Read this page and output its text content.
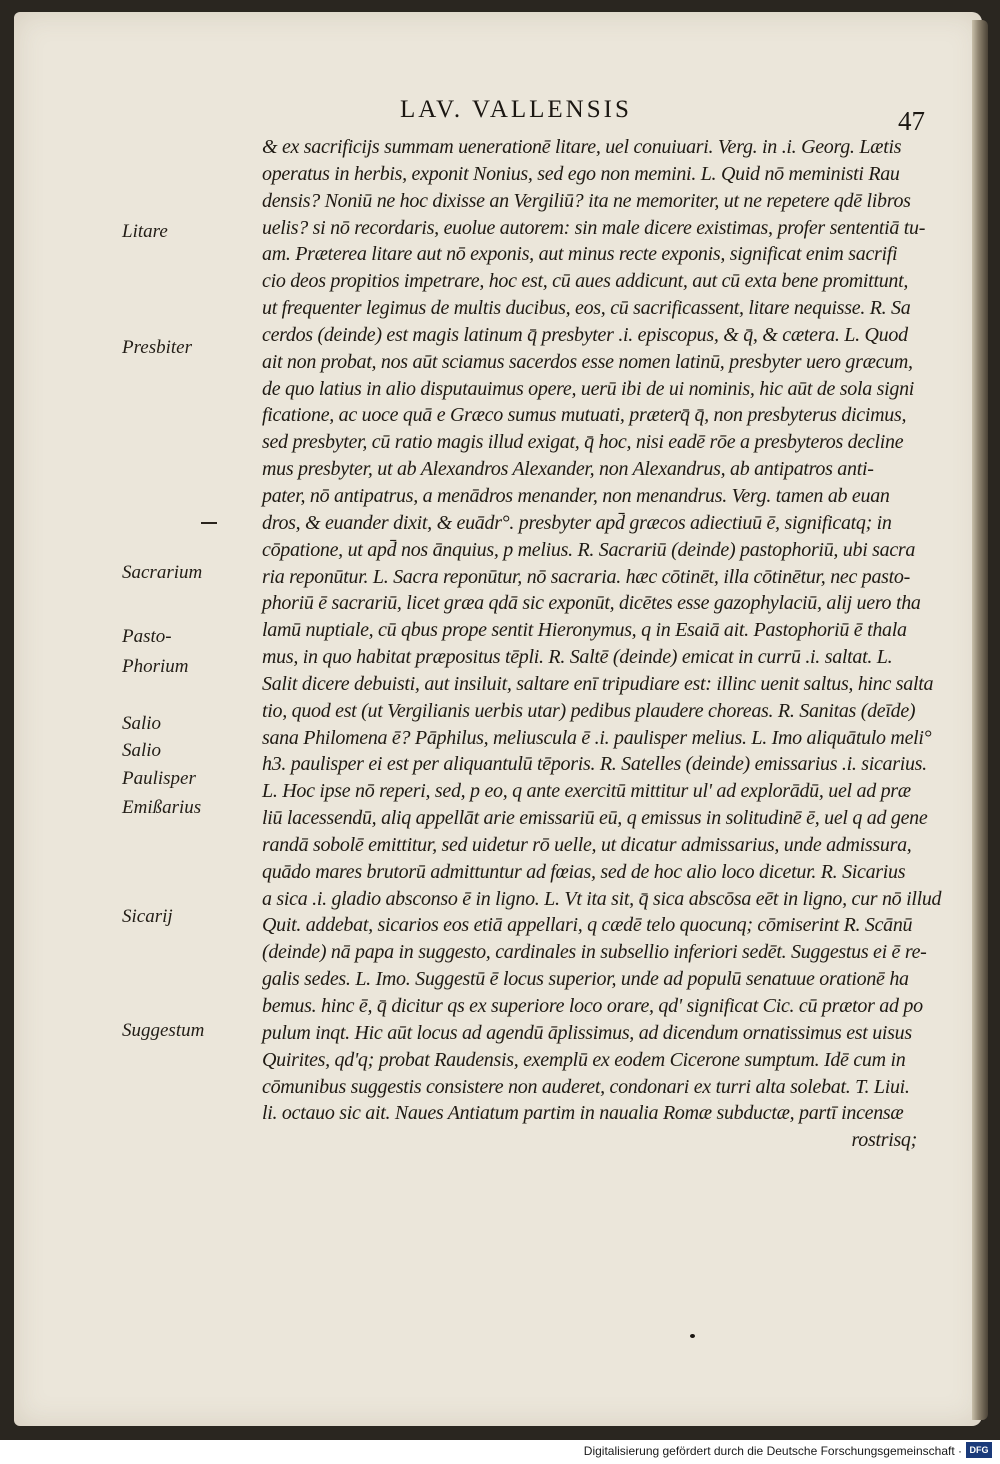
LAV. VALLENSIS	47
& ex sacrificijs summam uenerationē litare, uel conuiuari. Verg. in .i. Georg. Lætis
operatus in herbis, exponit Nonius, sed ego non memini. L. Quid nō meministi Rau
densis? Noniū ne hoc dixisse an Vergiliū? ita ne memoriter, ut ne repetere qdē libros
uelis? si nō recordaris, euolue autorem: sin male dicere existimas, profer sententiā tu-
am. Præterea litare aut nō exponis, aut minus recte exponis, significat enim sacrifi
cio deos propitios impetrare, hoc est, cū aues addicunt, aut cū exta bene promittunt,
ut frequenter legimus de multis ducibus, eos, cū sacrificassent, litare nequisse. R. Sa
cerdos (deinde) est magis latinum q̄ presbyter .i. episcopus, & q̄, & cætera. L. Quod
ait non probat, nos aūt sciamus sacerdos esse nomen latinū, presbyter uero græcum,
de quo latius in alio disputauimus opere, uerū ibi de ui nominis, hic aūt de sola signi
ficatione, ac uoce quā e Græco sumus mutuati, præterq̄ q̄, non presbyterus dicimus,
sed presbyter, cū ratio magis illud exigat, q̄ hoc, nisi eadē rōe a presbyteros decline
mus presbyter, ut ab Alexandros Alexander, non Alexandrus, ab antipatros anti-
pater, nō antipatrus, a menādros menander, non menandrus. Verg. tamen ab euan
dros, & euander dixit, & euādr°. presbyter apd̄ græcos adiectiuū ē, significatq; in
cōpatione, ut apd̄ nos ānquius, p melius. R. Sacrariū (deinde) pastophoriū, ubi sacra
ria reponūtur. L. Sacra reponūtur, nō sacraria. hæc cōtinēt, illa cōtinētur, nec pasto-
phoriū ē sacrariū, licet græa qdā sic exponūt, dicētes esse gazophylaciū, alij uero tha
lamū nuptiale, cū qbus prope sentit Hieronymus, q in Esaiā ait. Pastophoriū ē thala
mus, in quo habitat præpositus tēpli. R. Saltē (deinde) emicat in currū .i. saltat. L.
Salit dicere debuisti, aut insiluit, saltare enī tripudiare est: illinc uenit saltus, hinc salta
tio, quod est (ut Vergilianis uerbis utar) pedibus plaudere choreas. R. Sanitas (deīde)
sana Philomena ē? Pāphilus, meliuscula ē .i. paulisper melius. L. Imo aliquātulo meli°
h3. paulisper ei est per aliquantulū tēporis. R. Satelles (deinde) emissarius .i. sicarius.
L. Hoc ipse nō reperi, sed, p eo, q ante exercitū mittitur ul' ad explorādū, uel ad præ
liū lacessendū, aliq appellāt arie emissariū eū, q emissus in solitudinē ē, uel q ad gene
randā sobolē emittitur, sed uidetur rō uelle, ut dicatur admissarius, unde admissura,
quādo mares brutorū admittuntur ad fœias, sed de hoc alio loco dicetur. R. Sicarius
a sica .i. gladio absconso ē in ligno. L. Vt ita sit, q̄ sica abscōsa eēt in ligno, cur nō illud
Quit. addebat, sicarios eos etiā appellari, q cædē telo quocunq; cōmiserint R. Scānū
(deinde) nā papa in suggesto, cardinales in subsellio inferiori sedēt. Suggestus ei ē re-
galis sedes. L. Imo. Suggestū ē locus superior, unde ad populū senatuue orationē ha
bemus. hinc ē, q̄ dicitur qs ex superiore loco orare, qd' significat Cic. cū prætor ad po
pulum inqt. Hic aūt locus ad agendū āplissimus, ad dicendum ornatissimus est uisus
Quirites, qd'q; probat Raudensis, exemplū ex eodem Cicerone sumptum. Idē cum in
cōmunibus suggestis consistere non auderet, condonari ex turri alta solebat. T. Liui.
li. octauo sic ait. Naues Antiatum partim in naualia Romæ subductæ, partī incensæ
rostrisq;
Litare
Presbiter
Sacrarium
Pasto-
Phorium
Salio
Salio
Paulisper
Emißarius
Sicarij
Suggestum
Digitalisierung gefördert durch die Deutsche Forschungsgemeinschaft · DFG
